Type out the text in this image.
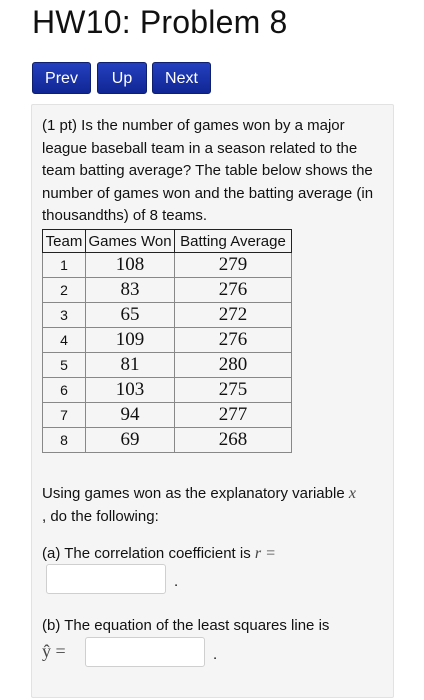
HW10: Problem 8
Prev	Up	Next
(1 pt) Is the number of games won by a major league baseball team in a season related to the team batting average? The table below shows the number of games won and the batting average (in thousandths) of 8 teams.
Team	Games Won	Batting Average
1	108	279
2	83	276
3	65	272
4	109	276
5	81	280
6	103	275
7	94	277
8	69	268
Using games won as the explanatory variable x
, do the following:
(a) The correlation coefficient is r =
.
(b) The equation of the least squares line is
ŷ =	.
